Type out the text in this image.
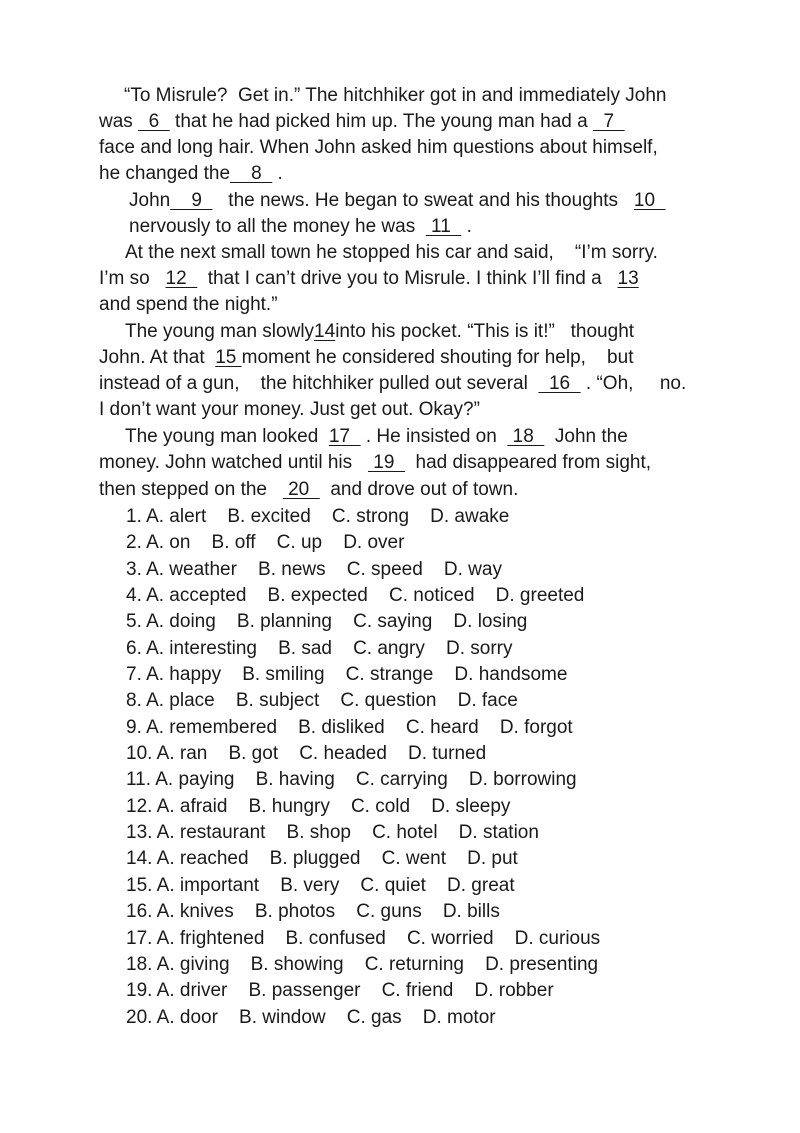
“To Misrule?  Get in.” The hitchhiker got in and immediately John
was   6   that he had picked him up. The young man had a   7
face and long hair. When John asked him questions about himself,
he changed the    8   .
John    9     the news. He began to sweat and his thoughts   10
nervously to all the money he was   11   .
At the next small town he stopped his car and said,    “I’m sorry.
I’m so   12    that I can’t drive you to Misrule. I think I’ll find a   13
and spend the night.”
The young man slowly14into his pocket. “This is it!”   thought
John. At that  15 moment he considered shouting for help,    but
instead of a gun,    the hitchhiker pulled out several    16   . “Oh,     no.
I don’t want your money. Just get out. Okay?”
The young man looked  17   . He insisted on   18    John the
money. John watched until his    19    had disappeared from sight,
then stepped on the    20    and drove out of town.
1. A. alert    B. excited    C. strong    D. awake
2. A. on    B. off    C. up    D. over
3. A. weather    B. news    C. speed    D. way
4. A. accepted    B. expected    C. noticed    D. greeted
5. A. doing    B. planning    C. saying    D. losing
6. A. interesting    B. sad    C. angry    D. sorry
7. A. happy    B. smiling    C. strange    D. handsome
8. A. place    B. subject    C. question    D. face
9. A. remembered    B. disliked    C. heard    D. forgot
10. A. ran    B. got    C. headed    D. turned
11. A. paying    B. having    C. carrying    D. borrowing
12. A. afraid    B. hungry    C. cold    D. sleepy
13. A. restaurant    B. shop    C. hotel    D. station
14. A. reached    B. plugged    C. went    D. put
15. A. important    B. very    C. quiet    D. great
16. A. knives    B. photos    C. guns    D. bills
17. A. frightened    B. confused    C. worried    D. curious
18. A. giving    B. showing    C. returning    D. presenting
19. A. driver    B. passenger    C. friend    D. robber
20. A. door    B. window    C. gas    D. motor
